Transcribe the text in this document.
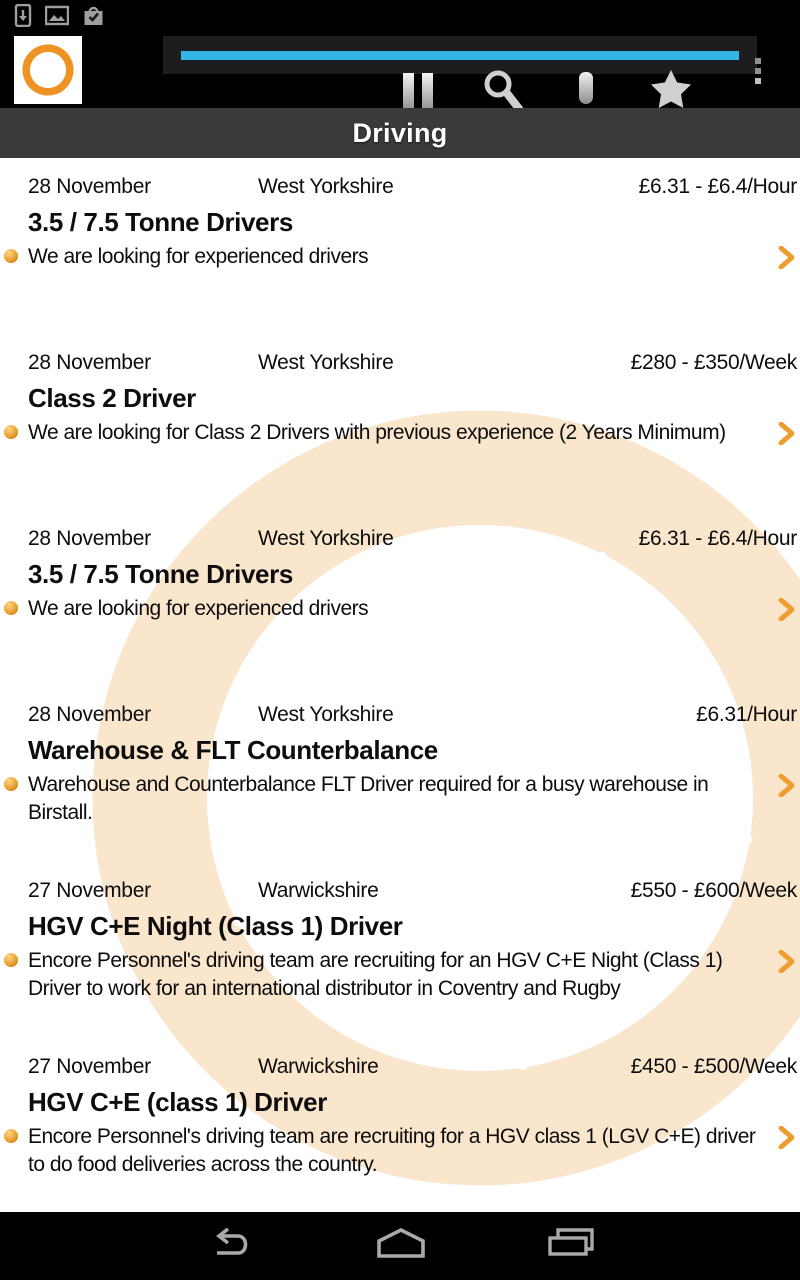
Driving
28 November	West Yorkshire	£6.31 - £6.4/Hour
3.5 / 7.5 Tonne Drivers
We are looking for experienced drivers
28 November	West Yorkshire	£280 - £350/Week
Class 2 Driver
We are looking for Class 2 Drivers with previous experience (2 Years Minimum)
28 November	West Yorkshire	£6.31 - £6.4/Hour
3.5 / 7.5 Tonne Drivers
We are looking for experienced drivers
28 November	West Yorkshire	£6.31/Hour
Warehouse & FLT Counterbalance
Warehouse and Counterbalance FLT Driver required for a busy warehouse in Birstall.
27 November	Warwickshire	£550 - £600/Week
HGV C+E Night (Class 1) Driver
Encore Personnel's driving team are recruiting for an HGV C+E Night (Class 1) Driver to work for an international distributor in Coventry and Rugby
27 November	Warwickshire	£450 - £500/Week
HGV C+E (class 1) Driver
Encore Personnel's driving team are recruiting for a HGV class 1 (LGV C+E) driver to do food deliveries across the country.
